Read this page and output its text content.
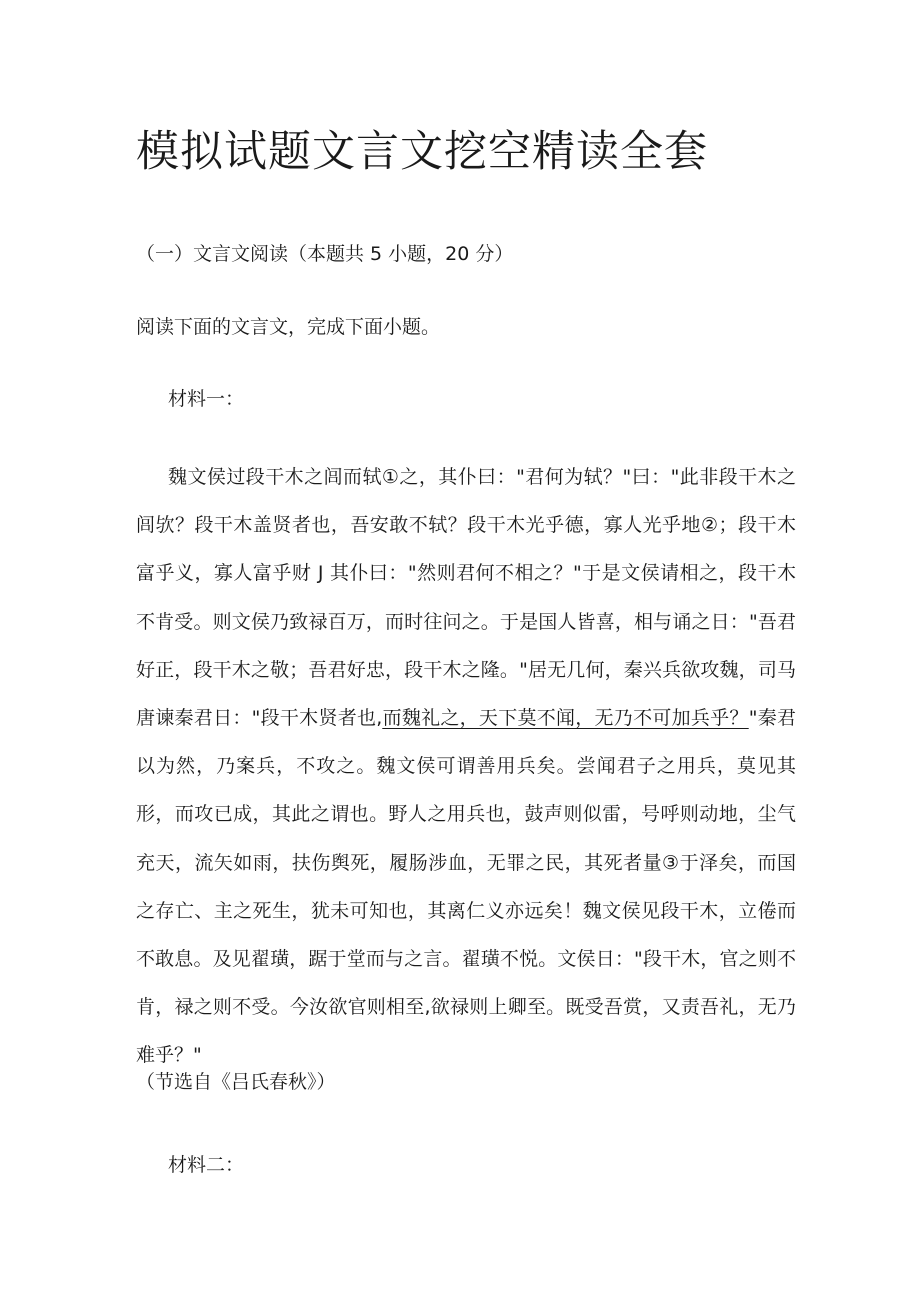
模拟试题文言文挖空精读全套

（一）文言文阅读（本题共 5 小题，20 分）

阅读下面的文言文，完成下面小题。

材料一：

魏文侯过段干木之闾而轼①之，其仆曰："君何为轼？"曰："此非段干木之闾欤？段干木盖贤者也，吾安敢不轼？段干木光乎德，寡人光乎地②；段干木富乎义，寡人富乎财 J 其仆曰："然则君何不相之？"于是文侯请相之，段干木不肯受。则文侯乃致禄百万，而时往问之。于是国人皆喜，相与诵之日："吾君好正，段干木之敬；吾君好忠，段干木之隆。"居无几何，秦兴兵欲攻魏，司马唐谏秦君日："段干木贤者也,而魏礼之，天下莫不闻，无乃不可加兵乎？"秦君以为然，乃案兵，不攻之。魏文侯可谓善用兵矣。尝闻君子之用兵，莫见其形，而攻已成，其此之谓也。野人之用兵也，鼓声则似雷，号呼则动地，尘气充天，流矢如雨，扶伤舆死，履肠涉血，无罪之民，其死者量③于泽矣，而国之存亡、主之死生，犹未可知也，其离仁义亦远矣！魏文侯见段干木，立倦而不敢息。及见翟璜，踞于堂而与之言。翟璜不悦。文侯日："段干木，官之则不肯，禄之则不受。今汝欲官则相至,欲禄则上卿至。既受吾赏，又责吾礼，无乃难乎？"

（节选自《吕氏春秋》）

材料二：
